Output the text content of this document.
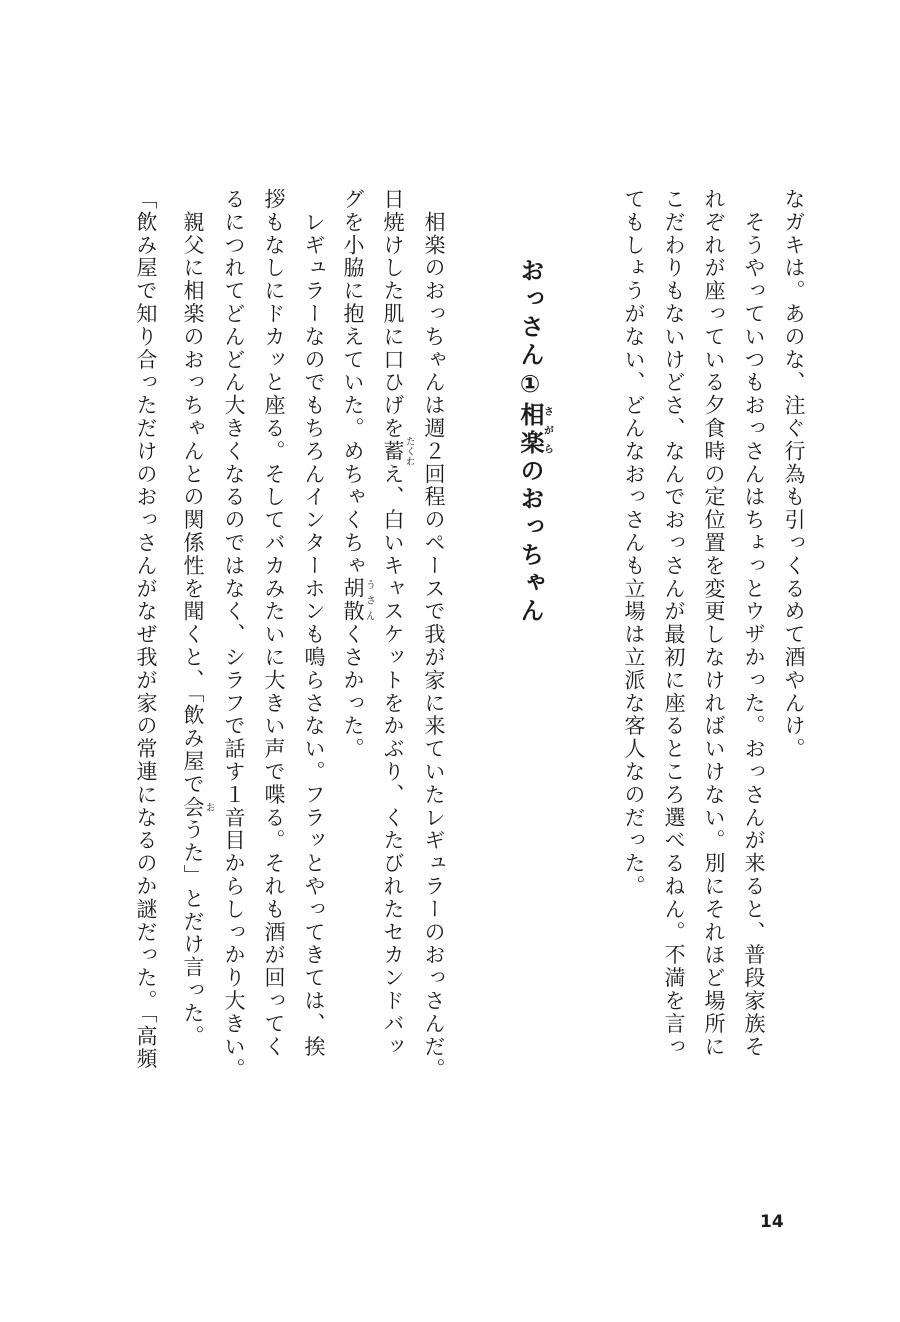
なガキは。あのな、注ぐ行為も引っくるめて酒やんけ。
　そうやっていつもおっさんはちょっとウザかった。おっさんが来ると、普段家族そ
れぞれが座っている夕食時の定位置を変更しなければいけない。別にそれほど場所に
こだわりもないけどさ、なんでおっさんが最初に座るところ選べるねん。不満を言っ
てもしょうがない、どんなおっさんも立場は立派な客人なのだった。
おっさん①相楽さがらのおっちゃん
　相楽のおっちゃんは週２回程のペースで我が家に来ていたレギュラーのおっさんだ。
日焼けした肌に口ひげを蓄たくわえ、白いキャスケットをかぶり、くたびれたセカンドバッ
グを小脇に抱えていた。めちゃくちゃ胡散うさんくさかった。
　レギュラーなのでもちろんインターホンも鳴らさない。フラッとやってきては、挨
拶もなしにドカッと座る。そしてバカみたいに大きい声で喋る。それも酒が回ってく
るにつれてどんどん大きくなるのではなく、シラフで話す１音目からしっかり大きい。
　親父に相楽のおっちゃんとの関係性を聞くと、「飲み屋で会おうた」とだけ言った。
「飲み屋で知り合っただけのおっさんがなぜ我が家の常連になるのか謎だった。「高頻
14
